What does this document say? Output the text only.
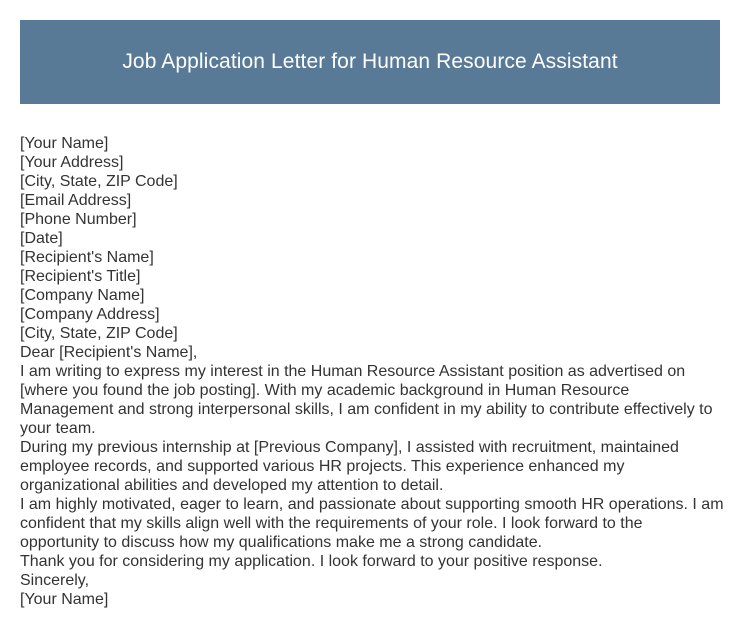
Job Application Letter for Human Resource Assistant
[Your Name]
[Your Address]
[City, State, ZIP Code]
[Email Address]
[Phone Number]
[Date]
[Recipient's Name]
[Recipient's Title]
[Company Name]
[Company Address]
[City, State, ZIP Code]
Dear [Recipient's Name],
I am writing to express my interest in the Human Resource Assistant position as advertised on [where you found the job posting]. With my academic background in Human Resource Management and strong interpersonal skills, I am confident in my ability to contribute effectively to your team.
During my previous internship at [Previous Company], I assisted with recruitment, maintained employee records, and supported various HR projects. This experience enhanced my organizational abilities and developed my attention to detail.
I am highly motivated, eager to learn, and passionate about supporting smooth HR operations. I am confident that my skills align well with the requirements of your role. I look forward to the opportunity to discuss how my qualifications make me a strong candidate.
Thank you for considering my application. I look forward to your positive response.
Sincerely,
[Your Name]
